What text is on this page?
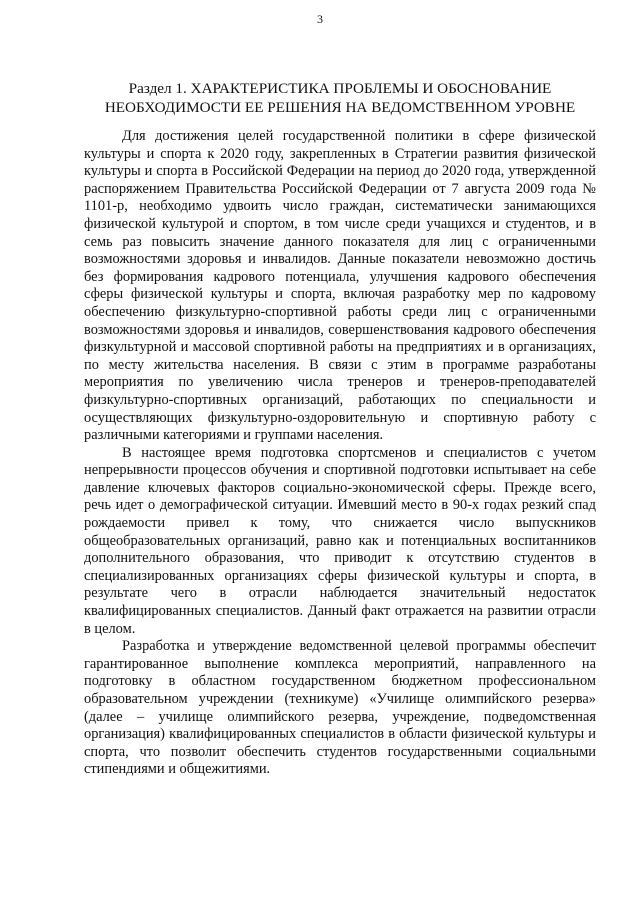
3
Раздел 1. ХАРАКТЕРИСТИКА ПРОБЛЕМЫ И ОБОСНОВАНИЕ
НЕОБХОДИМОСТИ ЕЕ РЕШЕНИЯ НА ВЕДОМСТВЕННОМ УРОВНЕ

Для достижения целей государственной политики в сфере физической культуры и спорта к 2020 году, закрепленных в Стратегии развития физической культуры и спорта в Российской Федерации на период до 2020 года, утвержденной распоряжением Правительства Российской Федерации от 7 августа 2009 года № 1101-р, необходимо удвоить число граждан, систематически занимающихся физической культурой и спортом, в том числе среди учащихся и студентов, и в семь раз повысить значение данного показателя для лиц с ограниченными возможностями здоровья и инвалидов. Данные показатели невозможно достичь без формирования кадрового потенциала, улучшения кадрового обеспечения сферы физической культуры и спорта, включая разработку мер по кадровому обеспечению физкультурно-спортивной работы среди лиц с ограниченными возможностями здоровья и инвалидов, совершенствования кадрового обеспечения физкультурной и массовой спортивной работы на предприятиях и в организациях, по месту жительства населения. В связи с этим в программе разработаны мероприятия по увеличению числа тренеров и тренеров-преподавателей физкультурно-спортивных организаций, работающих по специальности и осуществляющих физкультурно-оздоровительную и спортивную работу с различными категориями и группами населения.

В настоящее время подготовка спортсменов и специалистов с учетом непрерывности процессов обучения и спортивной подготовки испытывает на себе давление ключевых факторов социально-экономической сферы. Прежде всего, речь идет о демографической ситуации. Имевший место в 90-х годах резкий спад рождаемости привел к тому, что снижается число выпускников общеобразовательных организаций, равно как и потенциальных воспитанников дополнительного образования, что приводит к отсутствию студентов в специализированных организациях сферы физической культуры и спорта, в результате чего в отрасли наблюдается значительный недостаток квалифицированных специалистов. Данный факт отражается на развитии отрасли в целом.

Разработка и утверждение ведомственной целевой программы обеспечит гарантированное выполнение комплекса мероприятий, направленного на подготовку в областном государственном бюджетном профессиональном образовательном учреждении (техникуме) «Училище олимпийского резерва» (далее – училище олимпийского резерва, учреждение, подведомственная организация) квалифицированных специалистов в области физической культуры и спорта, что позволит обеспечить студентов государственными социальными стипендиями и общежитиями.
